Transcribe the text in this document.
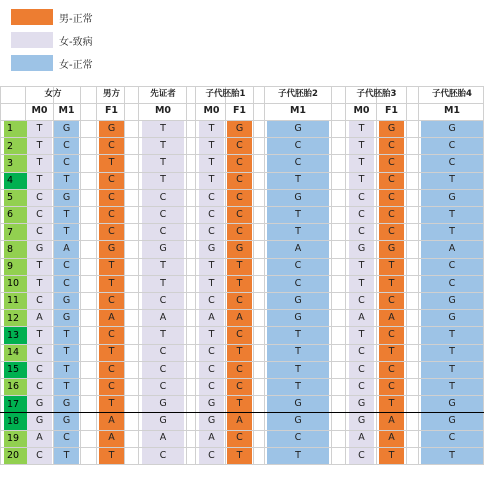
男-正常
女-致病
女-正常
女方	男方	先证者	子代胚胎1	子代胚胎2	子代胚胎3	子代胚胎4
M0	M1	F1	M0	M0	F1	M1	M0	F1	M1
1	T	G	G	T	T	G	G	T	G	G
2	T	C	C	T	T	C	C	T	C	C
3	T	C	T	T	T	C	C	T	C	C
4	T	T	C	T	T	C	T	T	C	T
5	C	G	C	C	C	C	G	C	C	G
6	C	T	C	C	C	C	T	C	C	T
7	C	T	C	C	C	C	T	C	C	T
8	G	A	G	G	G	G	A	G	G	A
9	T	C	T	T	T	T	C	T	T	C
10	T	C	T	T	T	T	C	T	T	C
11	C	G	C	C	C	C	G	C	C	G
12	A	G	A	A	A	A	G	A	A	G
13	T	T	C	T	T	C	T	T	C	T
14	C	T	T	C	C	T	T	C	T	T
15	C	T	C	C	C	C	T	C	C	T
16	C	T	C	C	C	C	T	C	C	T
17	G	G	T	G	G	T	G	G	T	G
18	G	G	A	G	G	A	G	G	A	G
19	A	C	A	A	A	C	C	A	A	C
20	C	T	T	C	C	T	T	C	T	T
